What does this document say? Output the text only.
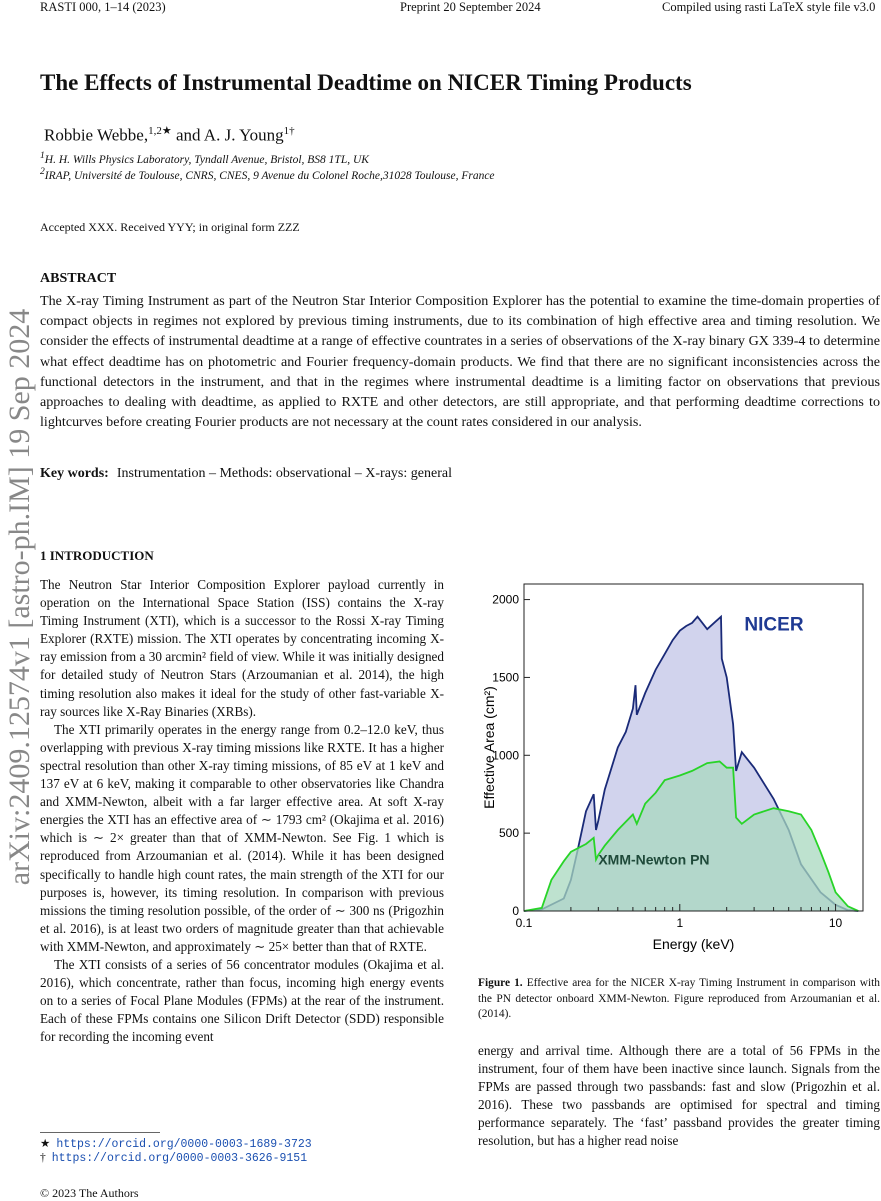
RASTI 000, 1–14 (2023)	Preprint 20 September 2024	Compiled using rasti LaTeX style file v3.0
arXiv:2409.12574v1 [astro-ph.IM] 19 Sep 2024
The Effects of Instrumental Deadtime on NICER Timing Products
Robbie Webbe,$^{1,2★}$ and A. J. Young$^{1\dagger}$
$^1$H. H. Wills Physics Laboratory, Tyndall Avenue, Bristol, BS8 1TL, UK
$^2$IRAP, Université de Toulouse, CNRS, CNES, 9 Avenue du Colonel Roche,31028 Toulouse, France
Accepted XXX. Received YYY; in original form ZZZ
ABSTRACT
The X-ray Timing Instrument as part of the Neutron Star Interior Composition Explorer has the potential to examine the time-domain properties of compact objects in regimes not explored by previous timing instruments, due to its combination of high effective area and timing resolution. We consider the effects of instrumental deadtime at a range of effective countrates in a series of observations of the X-ray binary GX 339-4 to determine what effect deadtime has on photometric and Fourier frequency-domain products. We find that there are no significant inconsistencies across the functional detectors in the instrument, and that in the regimes where instrumental deadtime is a limiting factor on observations that previous approaches to dealing with deadtime, as applied to RXTE and other detectors, are still appropriate, and that performing deadtime corrections to lightcurves before creating Fourier products are not necessary at the count rates considered in our analysis.
Key words: Instrumentation – Methods: observational – X-rays: general
1 INTRODUCTION

The Neutron Star Interior Composition Explorer payload currently in operation on the International Space Station (ISS) contains the X-ray Timing Instrument (XTI), which is a successor to the Rossi X-ray Timing Explorer (RXTE) mission. The XTI operates by concentrating incoming X-ray emission from a 30 arcmin² field of view. While it was initially designed for detailed study of Neutron Stars (Arzoumanian et al. 2014), the high timing resolution also makes it ideal for the study of other fast-variable X-ray sources like X-Ray Binaries (XRBs).

The XTI primarily operates in the energy range from 0.2–12.0 keV, thus overlapping with previous X-ray timing missions like RXTE. It has a higher spectral resolution than other X-ray timing missions, of 85 eV at 1 keV and 137 eV at 6 keV, making it comparable to other observatories like Chandra and XMM-Newton, albeit with a far larger effective area. At soft X-ray energies the XTI has an effective area of ∼ 1793 cm² (Okajima et al. 2016) which is ∼ 2× greater than that of XMM-Newton. See Fig. 1 which is reproduced from Arzoumanian et al. (2014). While it has been designed specifically to handle high count rates, the main strength of the XTI for our purposes is, however, its timing resolution. In comparison with previous missions the timing resolution possible, of the order of ∼ 300 ns (Prigozhin et al. 2016), is at least two orders of magnitude greater than that achievable with XMM-Newton, and approximately ∼ 25× better than that of RXTE.

The XTI consists of a series of 56 concentrator modules (Okajima et al. 2016), which concentrate, rather than focus, incoming high energy events on to a series of Focal Plane Modules (FPMs) at the rear of the instrument. Each of these FPMs contains one Silicon Drift Detector (SDD) responsible for recording the incoming event

0
500
1000
1500
2000
0.1	1	10
Energy (keV)
Effective Area (cm²)
NICER
XMM-Newton PN
Figure 1. Effective area for the NICER X-ray Timing Instrument in comparison with the PN detector onboard XMM-Newton. Figure reproduced from Arzoumanian et al. (2014).

energy and arrival time. Although there are a total of 56 FPMs in the instrument, four of them have been inactive since launch. Signals from the FPMs are passed through two passbands: fast and slow (Prigozhin et al. 2016). These two passbands are optimised for spectral and timing performance separately. The ‘fast’ passband provides the greater timing resolution, but has a higher read noise

★ https://orcid.org/0000-0003-1689-3723
† https://orcid.org/0000-0003-3626-9151
© 2023 The Authors
